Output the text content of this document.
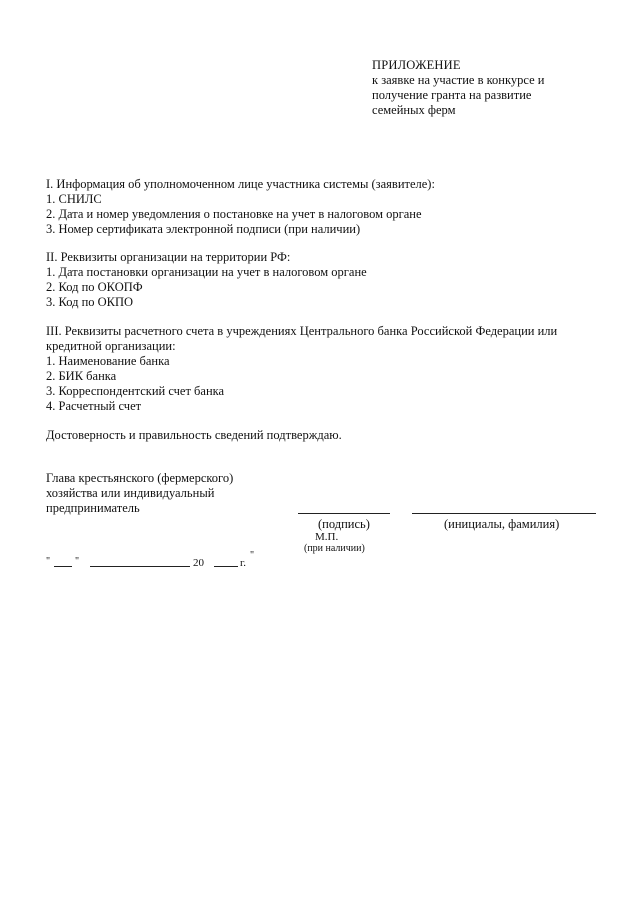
ПРИЛОЖЕНИЕ
к заявке на участие в конкурсе и
получение гранта на развитие
семейных ферм
I. Информация об уполномоченном лице участника системы (заявителе):
1. СНИЛС
2. Дата и номер уведомления о постановке на учет в налоговом органе
3. Номер сертификата электронной подписи (при наличии)
II. Реквизиты организации на территории РФ:
1. Дата постановки организации на учет в налоговом органе
2. Код по ОКОПФ
3. Код по ОКПО
III. Реквизиты расчетного счета в учреждениях Центрального банка Российской Федерации или
кредитной организации:
1. Наименование банка
2. БИК банка
3. Корреспондентский счет банка
4. Расчетный счет
Достоверность и правильность сведений подтверждаю.
Глава крестьянского (фермерского)
хозяйства или индивидуальный
предприниматель
(подпись)	(инициалы, фамилия)
М.П.
(при наличии)
" "	20	г.
"
